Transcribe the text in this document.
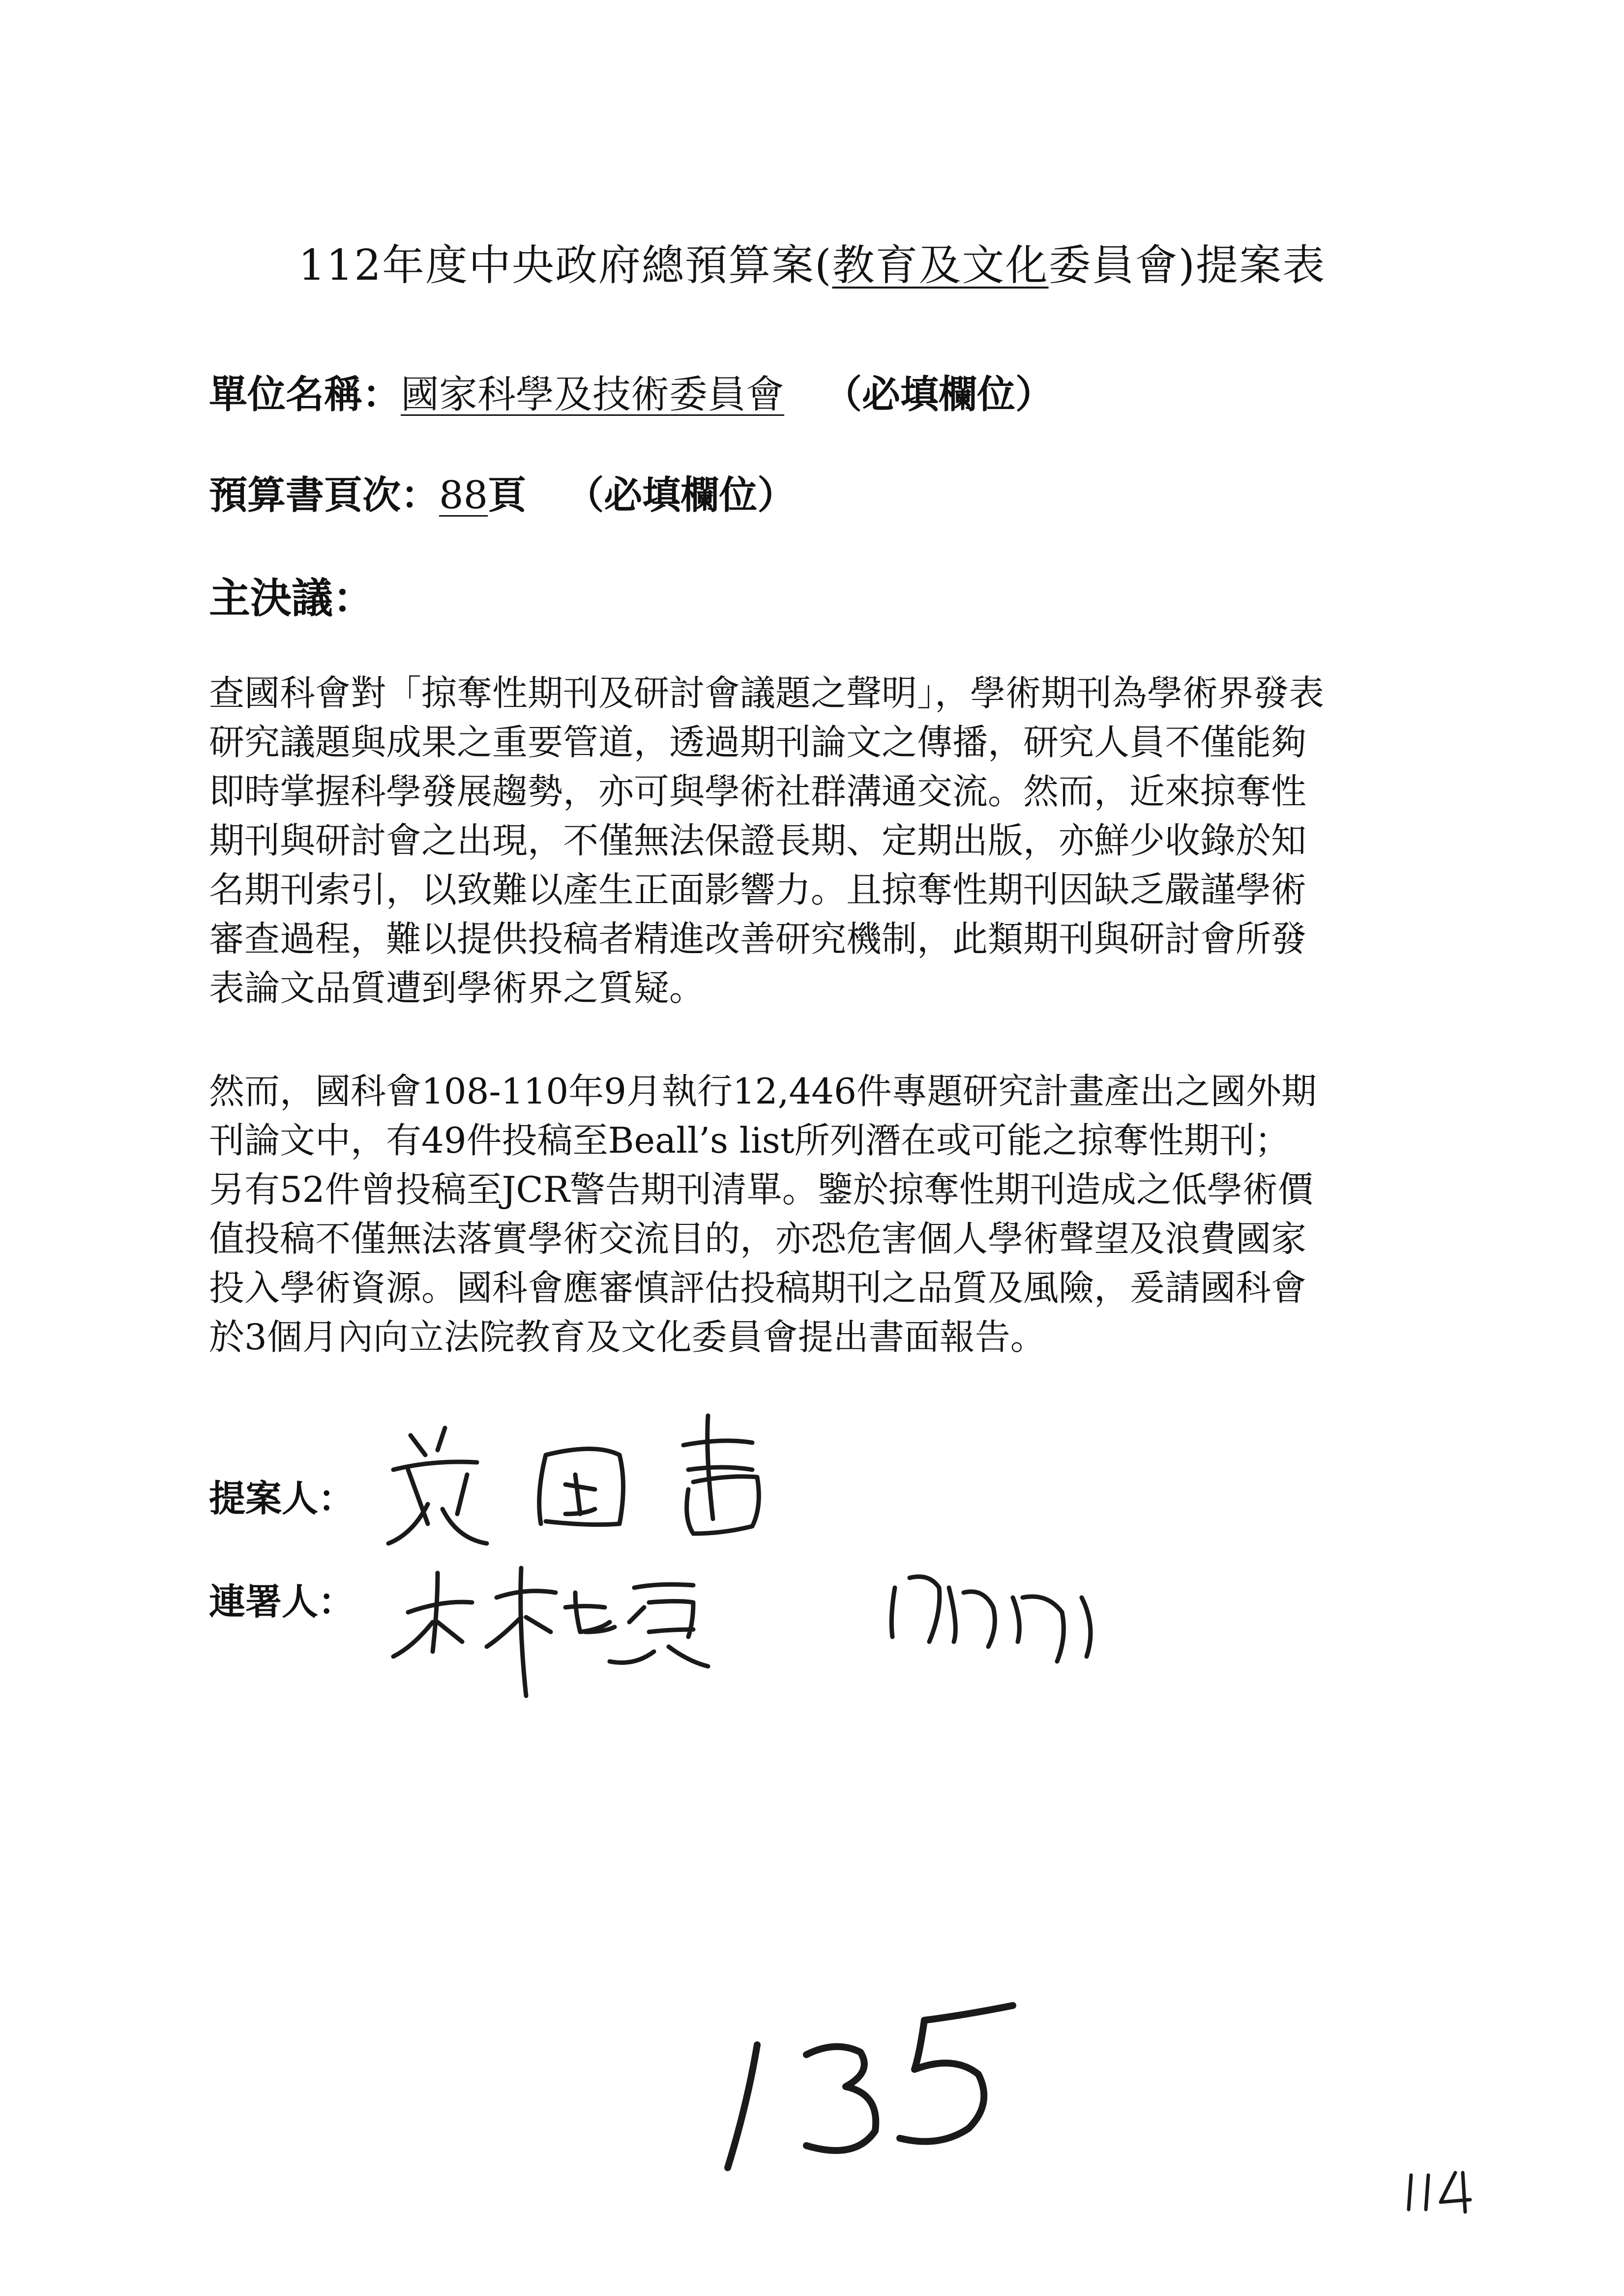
112年度中央政府總預算案(教育及文化委員會)提案表
單位名稱：國家科學及技術委員會 （必填欄位）
預算書頁次：88頁 （必填欄位）
主決議：
查國科會對「掠奪性期刊及研討會議題之聲明」，學術期刊為學術界發表
研究議題與成果之重要管道，透過期刊論文之傳播，研究人員不僅能夠
即時掌握科學發展趨勢，亦可與學術社群溝通交流。然而，近來掠奪性
期刊與研討會之出現，不僅無法保證長期、定期出版，亦鮮少收錄於知
名期刊索引，以致難以產生正面影響力。且掠奪性期刊因缺乏嚴謹學術
審查過程，難以提供投稿者精進改善研究機制，此類期刊與研討會所發
表論文品質遭到學術界之質疑。
然而，國科會108-110年9月執行12,446件專題研究計畫產出之國外期
刊論文中，有49件投稿至Beall’s list所列潛在或可能之掠奪性期刊；
另有52件曾投稿至JCR警告期刊清單。鑒於掠奪性期刊造成之低學術價
值投稿不僅無法落實學術交流目的，亦恐危害個人學術聲望及浪費國家
投入學術資源。國科會應審慎評估投稿期刊之品質及風險，爰請國科會
於3個月內向立法院教育及文化委員會提出書面報告。
提案人：
連署人：
